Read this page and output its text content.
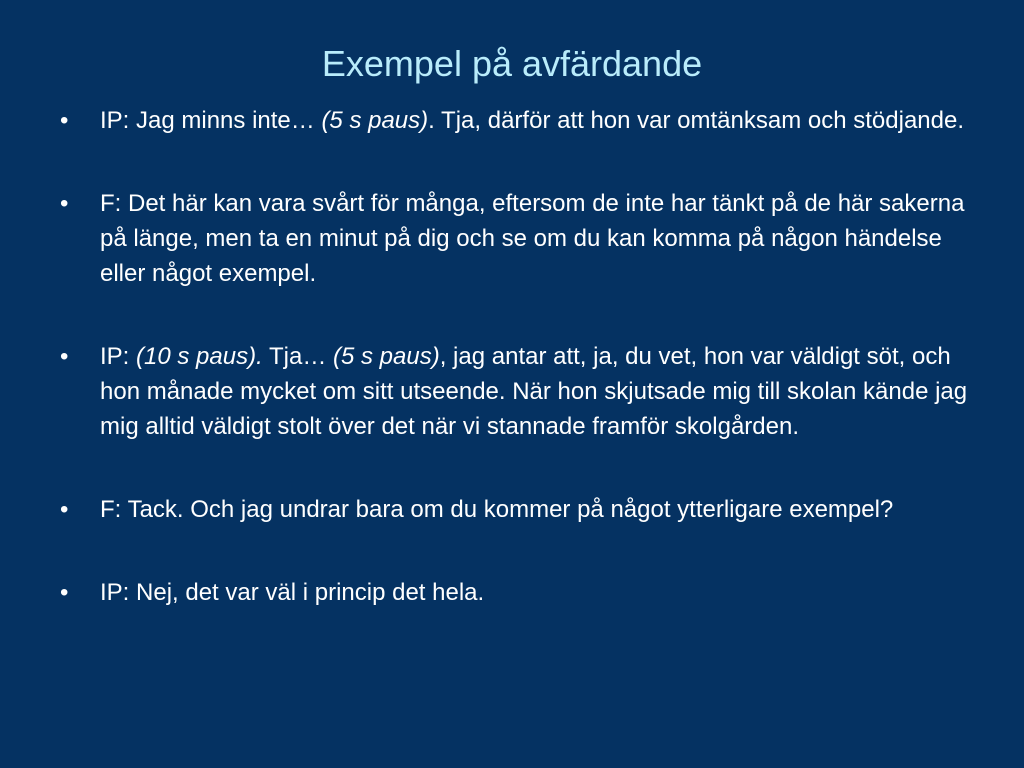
Exempel på avfärdande
• IP: Jag minns inte… (5 s paus). Tja, därför att hon var omtänksam och stödjande.
• F: Det här kan vara svårt för många, eftersom de inte har tänkt på de här sakerna på länge, men ta en minut på dig och se om du kan komma på någon händelse eller något exempel.
• IP: (10 s paus). Tja… (5 s paus), jag antar att, ja, du vet, hon var väldigt söt, och hon månade mycket om sitt utseende. När hon skjutsade mig till skolan kände jag mig alltid väldigt stolt över det när vi stannade framför skolgården.
• F: Tack. Och jag undrar bara om du kommer på något ytterligare exempel?
• IP: Nej, det var väl i princip det hela.
